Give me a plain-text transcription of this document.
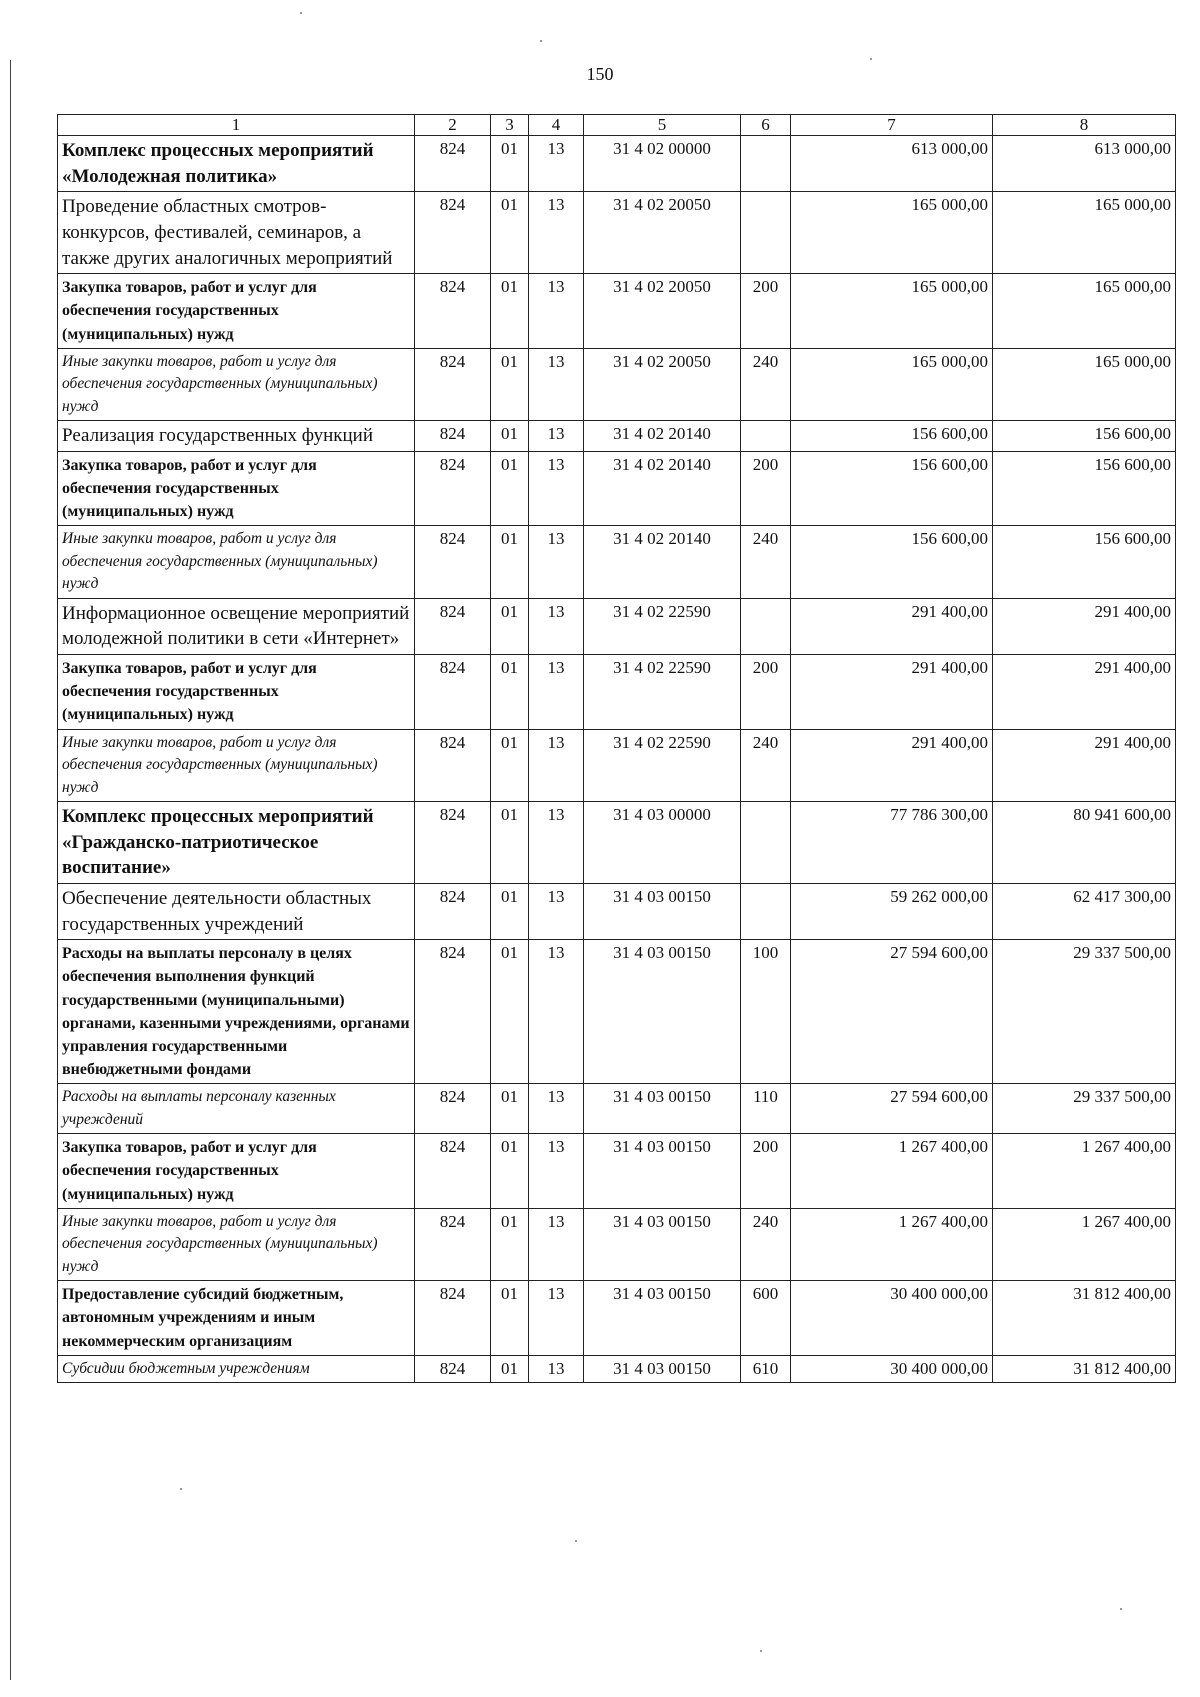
150
1	2	3	4	5	6	7	8
Комплекс процессных мероприятий «Молодежная политика»	824	01	13	31 4 02 00000		613 000,00	613 000,00
Проведение областных смотров-конкурсов, фестивалей, семинаров, а также других аналогичных мероприятий	824	01	13	31 4 02 20050		165 000,00	165 000,00
Закупка товаров, работ и услуг для обеспечения государственных (муниципальных) нужд	824	01	13	31 4 02 20050	200	165 000,00	165 000,00
Иные закупки товаров, работ и услуг для обеспечения государственных (муниципальных) нужд	824	01	13	31 4 02 20050	240	165 000,00	165 000,00
Реализация государственных функций	824	01	13	31 4 02 20140		156 600,00	156 600,00
Закупка товаров, работ и услуг для обеспечения государственных (муниципальных) нужд	824	01	13	31 4 02 20140	200	156 600,00	156 600,00
Иные закупки товаров, работ и услуг для обеспечения государственных (муниципальных) нужд	824	01	13	31 4 02 20140	240	156 600,00	156 600,00
Информационное освещение мероприятий молодежной политики в сети «Интернет»	824	01	13	31 4 02 22590		291 400,00	291 400,00
Закупка товаров, работ и услуг для обеспечения государственных (муниципальных) нужд	824	01	13	31 4 02 22590	200	291 400,00	291 400,00
Иные закупки товаров, работ и услуг для обеспечения государственных (муниципальных) нужд	824	01	13	31 4 02 22590	240	291 400,00	291 400,00
Комплекс процессных мероприятий «Гражданско-патриотическое воспитание»	824	01	13	31 4 03 00000		77 786 300,00	80 941 600,00
Обеспечение деятельности областных государственных учреждений	824	01	13	31 4 03 00150		59 262 000,00	62 417 300,00
Расходы на выплаты персоналу в целях обеспечения выполнения функций государственными (муниципальными) органами, казенными учреждениями, органами управления государственными внебюджетными фондами	824	01	13	31 4 03 00150	100	27 594 600,00	29 337 500,00
Расходы на выплаты персоналу казенных учреждений	824	01	13	31 4 03 00150	110	27 594 600,00	29 337 500,00
Закупка товаров, работ и услуг для обеспечения государственных (муниципальных) нужд	824	01	13	31 4 03 00150	200	1 267 400,00	1 267 400,00
Иные закупки товаров, работ и услуг для обеспечения государственных (муниципальных) нужд	824	01	13	31 4 03 00150	240	1 267 400,00	1 267 400,00
Предоставление субсидий бюджетным, автономным учреждениям и иным некоммерческим организациям	824	01	13	31 4 03 00150	600	30 400 000,00	31 812 400,00
Субсидии бюджетным учреждениям	824	01	13	31 4 03 00150	610	30 400 000,00	31 812 400,00
